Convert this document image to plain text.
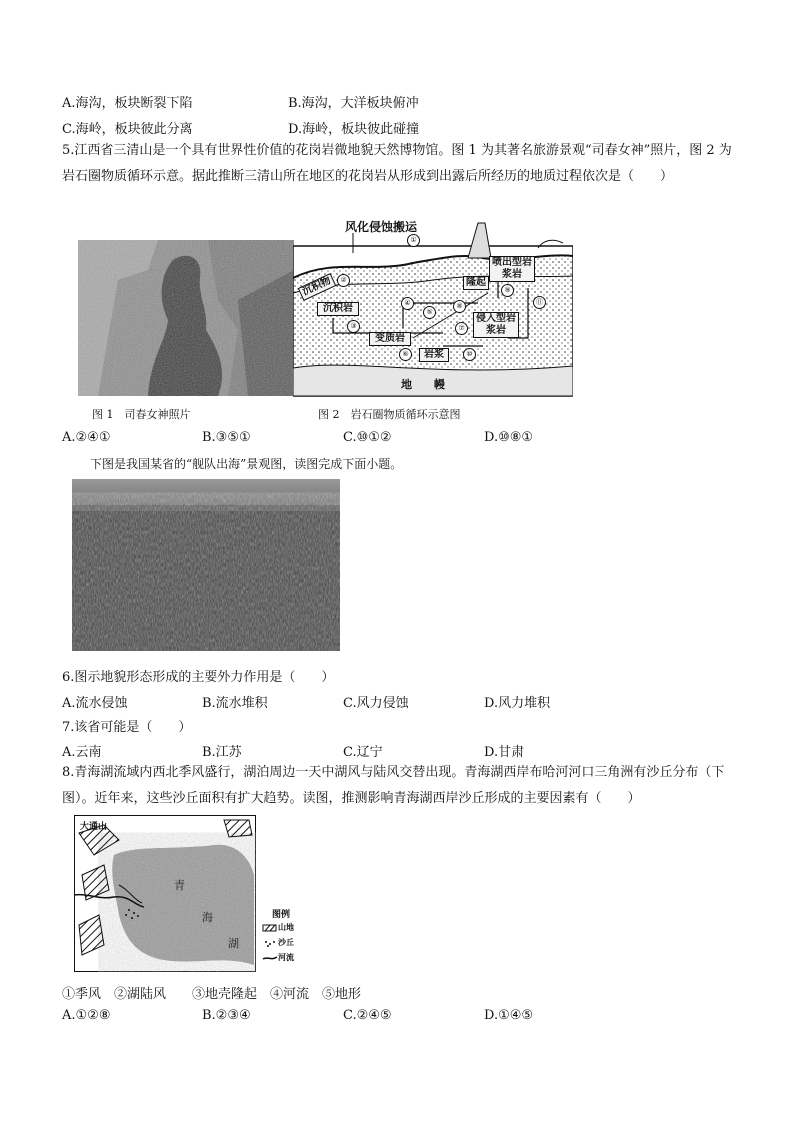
A.海沟，板块断裂下陷	B.海沟，大洋板块俯冲
C.海岭，板块彼此分离	D.海岭，板块彼此碰撞
5.江西省三清山是一个具有世界性价值的花岗岩微地貌天然博物馆。图 1 为其著名旅游景观“司春女神”照片，图 2 为岩石圈物质循环示意。据此推断三清山所在地区的花岗岩从形成到出露后所经历的地质过程依次是（　　）
风化侵蚀搬运
沉积物
沉积岩
变质岩
岩浆
侵入型岩浆岩
喷出型岩浆岩
隆起
地　　幔
①
②
③
④
⑤
⑥
⑦
⑧
⑨
⑩
⑪
图 1　司春女神照片	图 2　岩石圈物质循环示意图
A.②④①	B.③⑤①	C.⑩①②	D.⑩⑧①
下图是我国某省的“舰队出海”景观图，读图完成下面小题。
6.图示地貌形态形成的主要外力作用是（　　）
A.流水侵蚀	B.流水堆积	C.风力侵蚀	D.风力堆积
7.该省可能是（　　）
A.云南	B.江苏	C.辽宁	D.甘肃
8.青海湖流域内西北季风盛行，湖泊周边一天中湖风与陆风交替出现。青海湖西岸布哈河河口三角洲有沙丘分布（下图）。近年来，这些沙丘面积有扩大趋势。读图，推测影响青海湖西岸沙丘形成的主要因素有（　　）
大通山
青
海
湖
图例
山地
沙丘
河流
①季风　②湖陆风　　③地壳隆起　④河流　⑤地形
A.①②⑧	B.②③④	C.②④⑤	D.①④⑤
